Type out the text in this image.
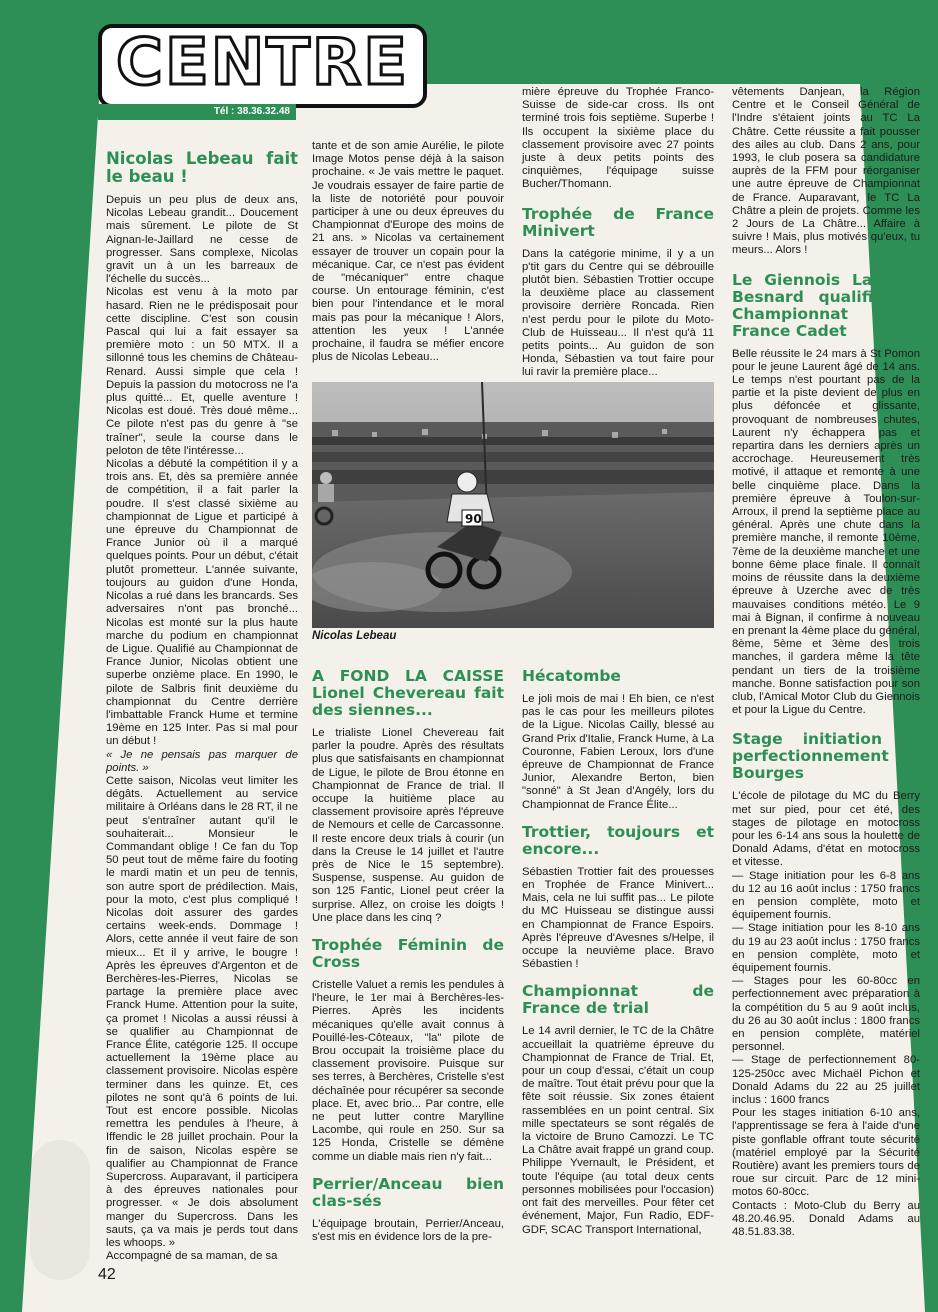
CENTRE
Tél : 38.36.32.48
Nicolas Lebeau fait le beau !

Depuis un peu plus de deux ans, Nicolas Lebeau grandit... Doucement mais sûrement. Le pilote de St Aignan-le-Jaillard ne cesse de progresser. Sans complexe, Nicolas gravit un à un les barreaux de l'échelle du succès...

Nicolas est venu à la moto par hasard. Rien ne le prédisposait pour cette discipline. C'est son cousin Pascal qui lui a fait essayer sa première moto : un 50 MTX. Il a sillonné tous les chemins de Château-Renard. Aussi simple que cela ! Depuis la passion du motocross ne l'a plus quitté... Et, quelle aventure ! Nicolas est doué. Très doué même... Ce pilote n'est pas du genre à "se traîner", seule la course dans le peloton de tête l'intéresse...

Nicolas a débuté la compétition il y a trois ans. Et, dès sa première année de compétition, il a fait parler la poudre. Il s'est classé sixième au championnat de Ligue et participé à une épreuve du Championnat de France Junior où il a marqué quelques points. Pour un début, c'était plutôt prometteur. L'année suivante, toujours au guidon d'une Honda, Nicolas a rué dans les brancards. Ses adversaires n'ont pas bronché... Nicolas est monté sur la plus haute marche du podium en championnat de Ligue. Qualifié au Championnat de France Junior, Nicolas obtient une superbe onzième place. En 1990, le pilote de Salbris finit deuxième du championnat du Centre derrière l'imbattable Franck Hume et termine 19ème en 125 Inter. Pas si mal pour un début !

« Je ne pensais pas marquer de points. »

Cette saison, Nicolas veut limiter les dégâts. Actuellement au service militaire à Orléans dans le 28 RT, il ne peut s'entraîner autant qu'il le souhaiterait... Monsieur le Commandant oblige ! Ce fan du Top 50 peut tout de même faire du footing le mardi matin et un peu de tennis, son autre sport de prédilection. Mais, pour la moto, c'est plus compliqué ! Nicolas doit assurer des gardes certains week-ends. Dommage ! Alors, cette année il veut faire de son mieux... Et il y arrive, le bougre ! Après les épreuves d'Argenton et de Berchères-les-Pierres, Nicolas se partage la première place avec Franck Hume. Attention pour la suite, ça promet ! Nicolas a aussi réussi à se qualifier au Championnat de France Élite, catégorie 125. Il occupe actuellement la 19ème place au classement provisoire. Nicolas espère terminer dans les quinze. Et, ces pilotes ne sont qu'à 6 points de lui. Tout est encore possible. Nicolas remettra les pendules à l'heure, à Iffendic le 28 juillet prochain. Pour la fin de saison, Nicolas espère se qualifier au Championnat de France Supercross. Auparavant, il participera à des épreuves nationales pour progresser. « Je dois absolument manger du Supercross. Dans les sauts, ça va mais je perds tout dans les whoops. »

Accompagné de sa maman, de sa

tante et de son amie Aurélie, le pilote Image Motos pense déjà à la saison prochaine. « Je vais mettre le paquet. Je voudrais essayer de faire partie de la liste de notoriété pour pouvoir participer à une ou deux épreuves du Championnat d'Europe des moins de 21 ans. » Nicolas va certainement essayer de trouver un copain pour la mécanique. Car, ce n'est pas évident de "mécaniquer" entre chaque course. Un entourage féminin, c'est bien pour l'intendance et le moral mais pas pour la mécanique ! Alors, attention les yeux ! L'année prochaine, il faudra se méfier encore plus de Nicolas Lebeau...

mière épreuve du Trophée Franco-Suisse de side-car cross. Ils ont terminé trois fois septième. Superbe ! Ils occupent la sixième place du classement provisoire avec 27 points juste à deux petits points des cinquièmes, l'équipage suisse Bucher/Thomann.

Trophée de France Minivert

Dans la catégorie minime, il y a un p'tit gars du Centre qui se débrouille plutôt bien. Sébastien Trottier occupe la deuxième place au classement provisoire derrière Roncada. Rien n'est perdu pour le pilote du Moto-Club de Huisseau... Il n'est qu'à 11 petits points... Au guidon de son Honda, Sébastien va tout faire pour lui ravir la première place...

vêtements Danjean, la Région Centre et le Conseil Général de l'Indre s'étaient joints au TC La Châtre. Cette réussite a fait pousser des ailes au club. Dans 2 ans, pour 1993, le club posera sa candidature auprès de la FFM pour réorganiser une autre épreuve de Championnat de France. Auparavant, le TC La Châtre a plein de projets. Comme les 2 Jours de La Châtre... Affaire à suivre ! Mais, plus motivés qu'eux, tu meurs... Alors !

Le Giennois Laurent Besnard qualifié au Championnat de France Cadet

Belle réussite le 24 mars à St Pomon pour le jeune Laurent âgé de 14 ans. Le temps n'est pourtant pas de la partie et la piste devient de plus en plus défoncée et glissante, provoquant de nombreuses chutes, Laurent n'y échappera pas et repartira dans les derniers après un accrochage. Heureusement très motivé, il attaque et remonte à une belle cinquième place. Dans la première épreuve à Toulon-sur-Arroux, il prend la septième place au général. Après une chute dans la première manche, il remonte 10ème, 7ème de la deuxième manche et une bonne 6ème place finale. Il connaît moins de réussite dans la deuxième épreuve à Uzerche avec de très mauvaises conditions météo. Le 9 mai à Bignan, il confirme à nouveau en prenant la 4ème place du général, 8ème, 5ème et 3ème des trois manches, il gardera même la tête pendant un tiers de la troisième manche. Bonne satisfaction pour son club, l'Amical Motor Club du Giennois et pour la Ligue du Centre.

Stage initiation et perfectionnement à Bourges

L'école de pilotage du MC du Berry met sur pied, pour cet été, des stages de pilotage en motocross pour les 6-14 ans sous la houlette de Donald Adams, d'état en motocross et vitesse.

— Stage initiation pour les 6-8 ans du 12 au 16 août inclus : 1750 francs en pension complète, moto et équipement fournis.

— Stage initiation pour les 8-10 ans du 19 au 23 août inclus : 1750 francs en pension complète, moto et équipement fournis.

— Stages pour les 60-80cc en perfectionnement avec préparation à la compétition du 5 au 9 août inclus, du 26 au 30 août inclus : 1800 francs en pension complète, matériel personnel.

— Stage de perfectionnement 80-125-250cc avec Michaël Pichon et Donald Adams du 22 au 25 juillet inclus : 1600 francs

Pour les stages initiation 6-10 ans, l'apprentissage se fera à l'aide d'une piste gonflable offrant toute sécurité (matériel employé par la Sécurité Routière) avant les premiers tours de roue sur circuit. Parc de 12 mini-motos 60-80cc.

Contacts : Moto-Club du Berry au 48.20.46.95. Donald Adams au 48.51.83.38.

90
Nicolas Lebeau
A FOND LA CAISSE Lionel Chevereau fait des siennes...

Le trialiste Lionel Chevereau fait parler la poudre. Après des résultats plus que satisfaisants en championnat de Ligue, le pilote de Brou étonne en Championnat de France de trial. Il occupe la huitième place au classement provisoire après l'épreuve de Nemours et celle de Carcassonne. Il reste encore deux trials à courir (un dans la Creuse le 14 juillet et l'autre près de Nice le 15 septembre). Suspense, suspense. Au guidon de son 125 Fantic, Lionel peut créer la surprise. Allez, on croise les doigts ! Une place dans les cinq ?

Trophée Féminin de Cross

Cristelle Valuet a remis les pendules à l'heure, le 1er mai à Berchères-les-Pierres. Après les incidents mécaniques qu'elle avait connus à Pouillé-les-Côteaux, "la" pilote de Brou occupait la troisième place du classement provisoire. Puisque sur ses terres, à Berchères, Cristelle s'est déchaînée pour récupérer sa seconde place. Et, avec brio... Par contre, elle ne peut lutter contre Marylline Lacombe, qui roule en 250. Sur sa 125 Honda, Cristelle se démène comme un diable mais rien n'y fait...

Perrier/Anceau bien clas-sés

L'équipage broutain, Perrier/Anceau, s'est mis en évidence lors de la pre-

Hécatombe

Le joli mois de mai ! Eh bien, ce n'est pas le cas pour les meilleurs pilotes de la Ligue. Nicolas Cailly, blessé au Grand Prix d'Italie, Franck Hume, à La Couronne, Fabien Leroux, lors d'une épreuve de Championnat de France Junior, Alexandre Berton, bien "sonné" à St Jean d'Angély, lors du Championnat de France Élite...

Trottier, toujours et encore...

Sébastien Trottier fait des prouesses en Trophée de France Minivert... Mais, cela ne lui suffit pas... Le pilote du MC Huisseau se distingue aussi en Championnat de France Espoirs. Après l'épreuve d'Avesnes s/Helpe, il occupe la neuvième place. Bravo Sébastien !

Championnat de France de trial

Le 14 avril dernier, le TC de la Châtre accueillait la quatrième épreuve du Championnat de France de Trial. Et, pour un coup d'essai, c'était un coup de maître. Tout était prévu pour que la fête soit réussie. Six zones étaient rassemblées en un point central. Six mille spectateurs se sont régalés de la victoire de Bruno Camozzi. Le TC La Châtre avait frappé un grand coup. Philippe Yvernault, le Président, et toute l'équipe (au total deux cents personnes mobilisées pour l'occasion) ont fait des merveilles. Pour fêter cet événement, Major, Fun Radio, EDF-GDF, SCAC Transport International,

42
